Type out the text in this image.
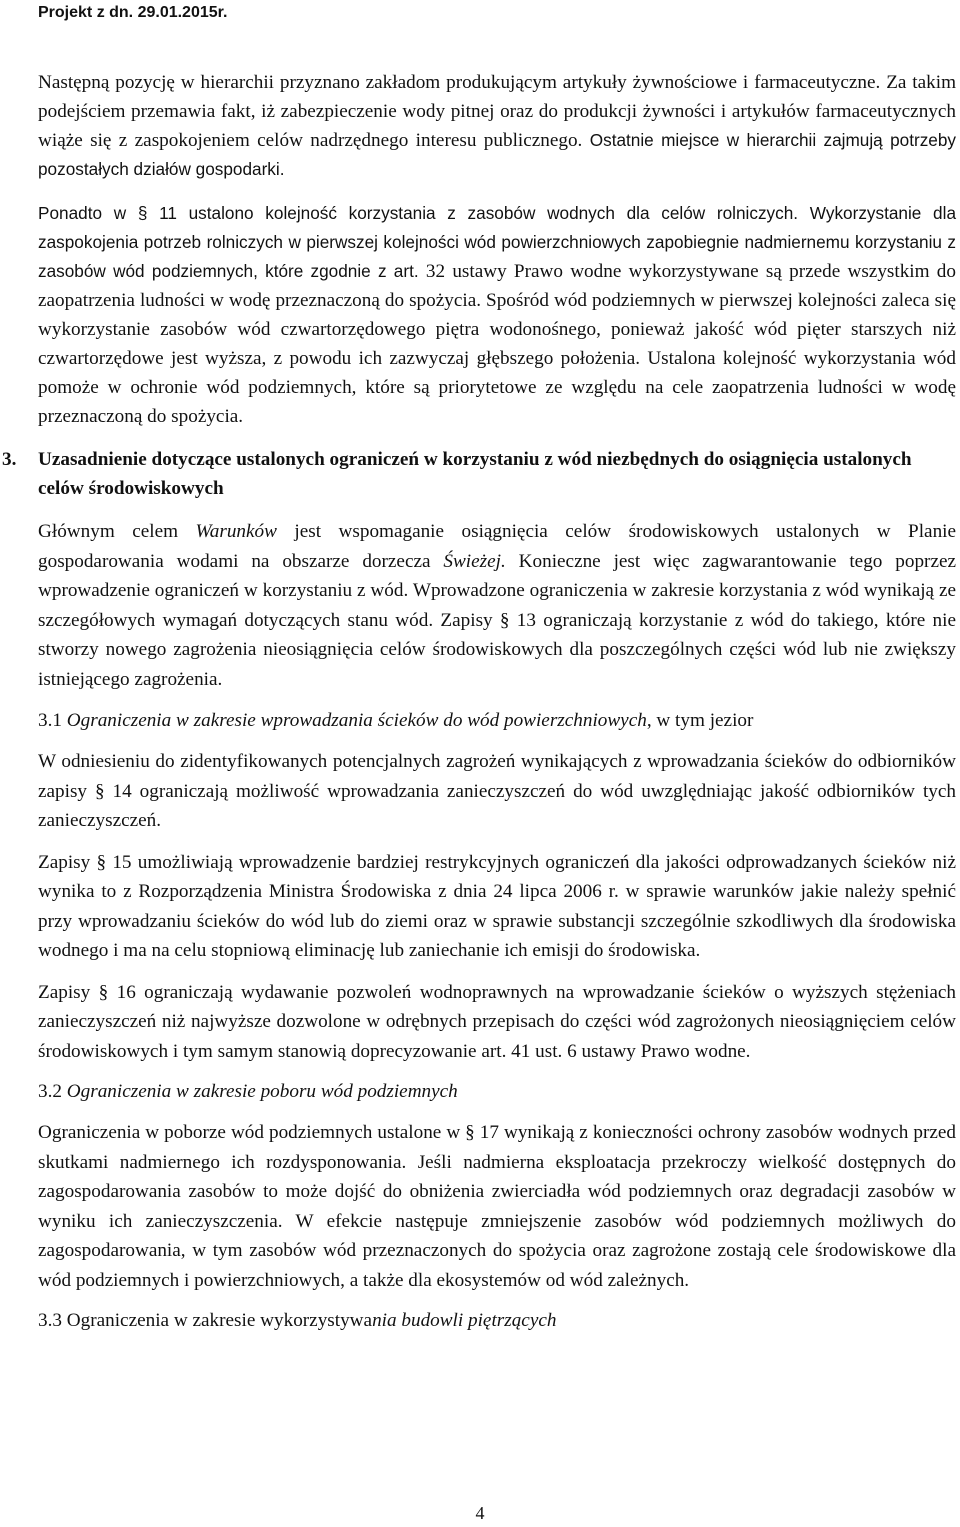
Projekt z dn. 29.01.2015r.

Następną pozycję w hierarchii przyznano zakładom produkującym artykuły żywnościowe i farmaceutyczne. Za takim podejściem przemawia fakt, iż zabezpieczenie wody pitnej oraz do produkcji żywności i artykułów farmaceutycznych wiąże się z zaspokojeniem celów nadrzędnego interesu publicznego. Ostatnie miejsce w hierarchii zajmują potrzeby pozostałych działów gospodarki.

Ponadto w § 11 ustalono kolejność korzystania z zasobów wodnych dla celów rolniczych. Wykorzystanie dla zaspokojenia potrzeb rolniczych w pierwszej kolejności wód powierzchniowych zapobiegnie nadmiernemu korzystaniu z zasobów wód podziemnych, które zgodnie z art. 32 ustawy Prawo wodne wykorzystywane są przede wszystkim do zaopatrzenia ludności w wodę przeznaczoną do spożycia. Spośród wód podziemnych w pierwszej kolejności zaleca się wykorzystanie zasobów wód czwartorzędowego piętra wodonośnego, ponieważ jakość wód pięter starszych niż czwartorzędowe jest wyższa, z powodu ich zazwyczaj głębszego położenia. Ustalona kolejność wykorzystania wód pomoże w ochronie wód podziemnych, które są priorytetowe ze względu na cele zaopatrzenia ludności w wodę przeznaczoną do spożycia.

3. Uzasadnienie dotyczące ustalonych ograniczeń w korzystaniu z wód niezbędnych do osiągnięcia ustalonych celów środowiskowych

Głównym celem Warunków jest wspomaganie osiągnięcia celów środowiskowych ustalonych w Planie gospodarowania wodami na obszarze dorzecza Świeżej. Konieczne jest więc zagwarantowanie tego poprzez wprowadzenie ograniczeń w korzystaniu z wód. Wprowadzone ograniczenia w zakresie korzystania z wód wynikają ze szczegółowych wymagań dotyczących stanu wód. Zapisy § 13 ograniczają korzystanie z wód do takiego, które nie stworzy nowego zagrożenia nieosiągnięcia celów środowiskowych dla poszczególnych części wód lub nie zwiększy istniejącego zagrożenia.

3.1 Ograniczenia w zakresie wprowadzania ścieków do wód powierzchniowych, w tym jezior

W odniesieniu do zidentyfikowanych potencjalnych zagrożeń wynikających z wprowadzania ścieków do odbiorników zapisy § 14 ograniczają możliwość wprowadzania zanieczyszczeń do wód uwzględniając jakość odbiorników tych zanieczyszczeń.

Zapisy § 15 umożliwiają wprowadzenie bardziej restrykcyjnych ograniczeń dla jakości odprowadzanych ścieków niż wynika to z Rozporządzenia Ministra Środowiska z dnia 24 lipca 2006 r. w sprawie warunków jakie należy spełnić przy wprowadzaniu ścieków do wód lub do ziemi oraz w sprawie substancji szczególnie szkodliwych dla środowiska wodnego i ma na celu stopniową eliminację lub zaniechanie ich emisji do środowiska.

Zapisy § 16 ograniczają wydawanie pozwoleń wodnoprawnych na wprowadzanie ścieków o wyższych stężeniach zanieczyszczeń niż najwyższe dozwolone w odrębnych przepisach do części wód zagrożonych nieosiągnięciem celów środowiskowych i tym samym stanowią doprecyzowanie art. 41 ust. 6 ustawy Prawo wodne.

3.2 Ograniczenia w zakresie poboru wód podziemnych

Ograniczenia w poborze wód podziemnych ustalone w § 17 wynikają z konieczności ochrony zasobów wodnych przed skutkami nadmiernego ich rozdysponowania. Jeśli nadmierna eksploatacja przekroczy wielkość dostępnych do zagospodarowania zasobów to może dojść do obniżenia zwierciadła wód podziemnych oraz degradacji zasobów w wyniku ich zanieczyszczenia. W efekcie następuje zmniejszenie zasobów wód podziemnych możliwych do zagospodarowania, w tym zasobów wód przeznaczonych do spożycia oraz zagrożone zostają cele środowiskowe dla wód podziemnych i powierzchniowych, a także dla ekosystemów od wód zależnych.

3.3 Ograniczenia w zakresie wykorzystywania budowli piętrzących
4
